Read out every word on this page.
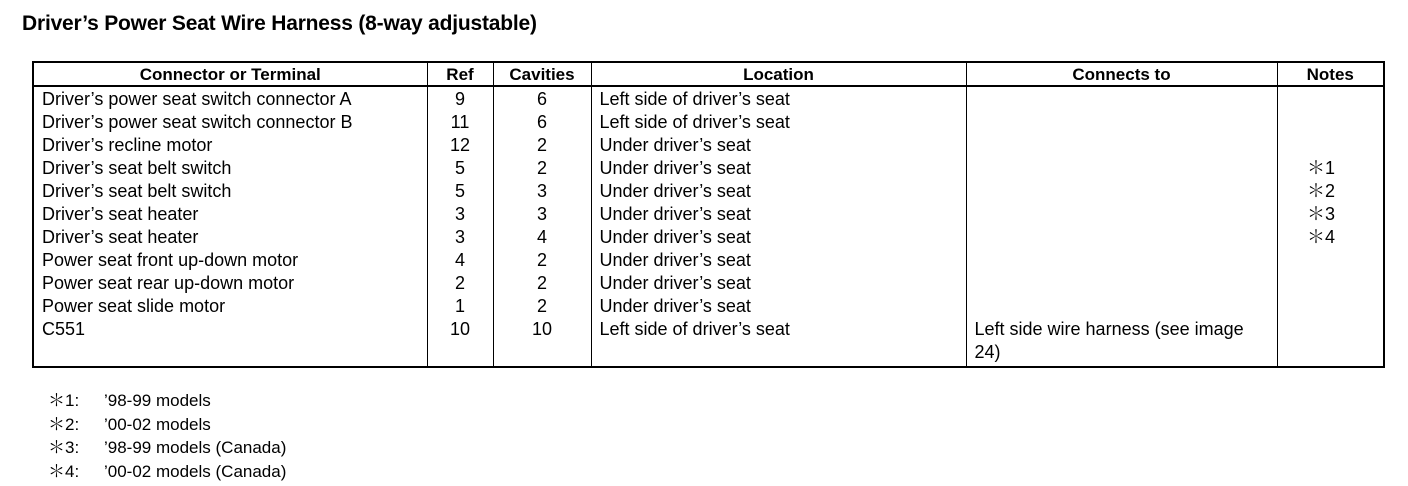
Driver’s Power Seat Wire Harness (8-way adjustable)
Connector or Terminal	Ref	Cavities	Location	Connects to	Notes
Driver’s power seat switch connector A	9	6	Left side of driver’s seat		
Driver’s power seat switch connector B	11	6	Left side of driver’s seat		
Driver’s recline motor	12	2	Under driver’s seat		
Driver’s seat belt switch	5	2	Under driver’s seat		＊1
Driver’s seat belt switch	5	3	Under driver’s seat		＊2
Driver’s seat heater	3	3	Under driver’s seat		＊3
Driver’s seat heater	3	4	Under driver’s seat		＊4
Power seat front up-down motor	4	2	Under driver’s seat		
Power seat rear up-down motor	2	2	Under driver’s seat		
Power seat slide motor	1	2	Under driver’s seat		
C551	10	10	Left side of driver’s seat	Left side wire harness (see image 24)	
＊1:	’98-99 models
＊2:	’00-02 models
＊3:	’98-99 models (Canada)
＊4:	’00-02 models (Canada)
